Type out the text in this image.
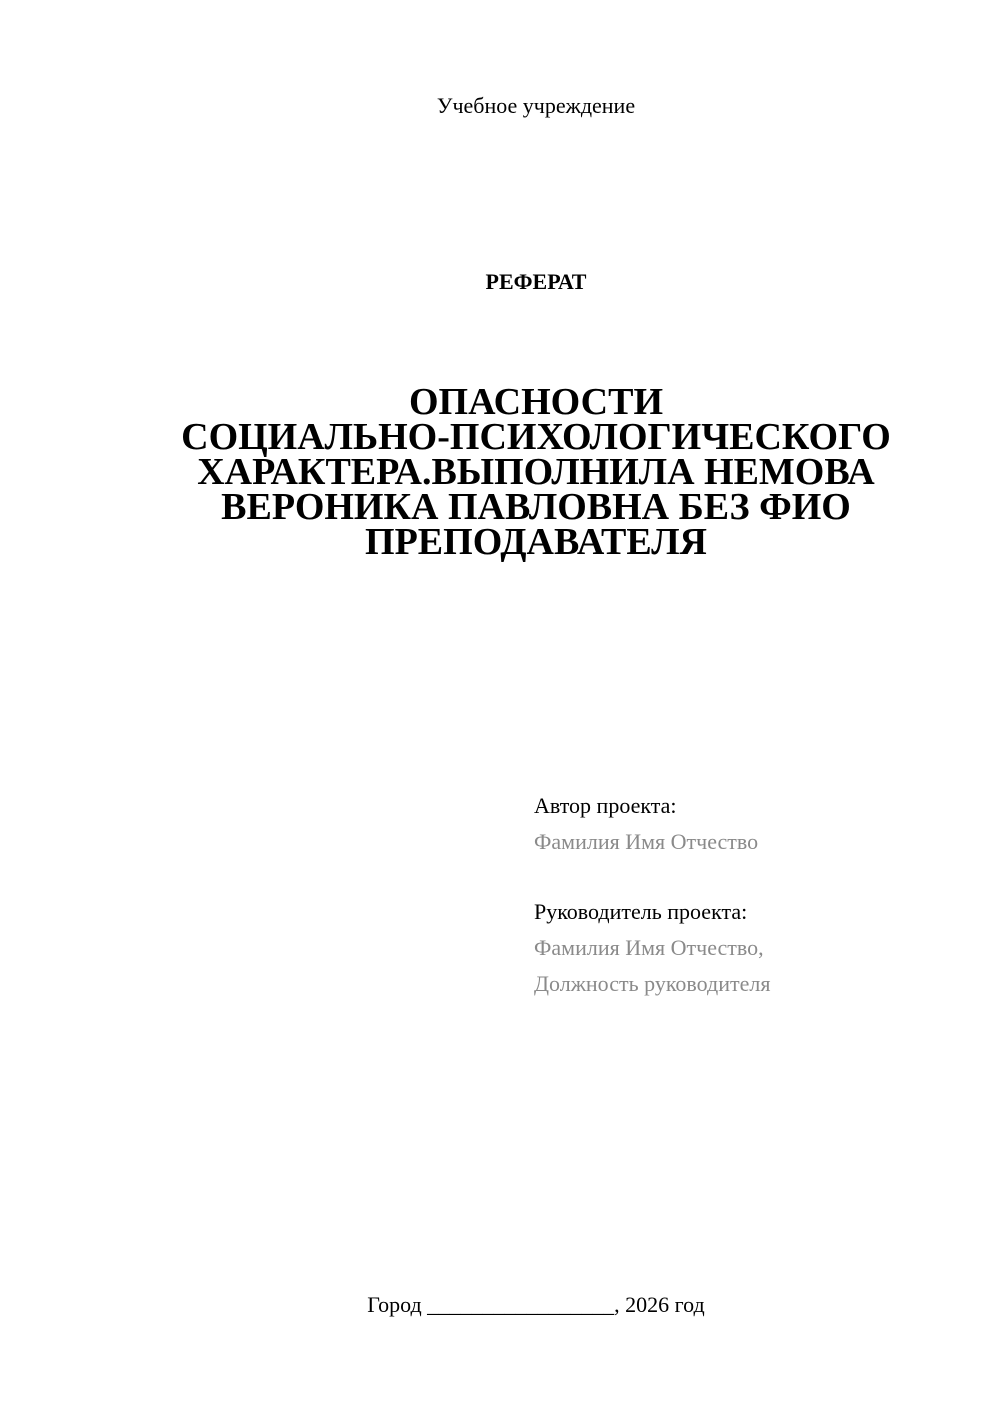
Учебное учреждение
РЕФЕРАТ
ОПАСНОСТИ
СОЦИАЛЬНО-ПСИХОЛОГИЧЕСКОГО
ХАРАКТЕРА.ВЫПОЛНИЛА НЕМОВА
ВЕРОНИКА ПАВЛОВНА БЕЗ ФИО
ПРЕПОДАВАТЕЛЯ
Автор проекта:
Фамилия Имя Отчество
Руководитель проекта:
Фамилия Имя Отчество,
Должность руководителя
Город _________________, 2026 год
